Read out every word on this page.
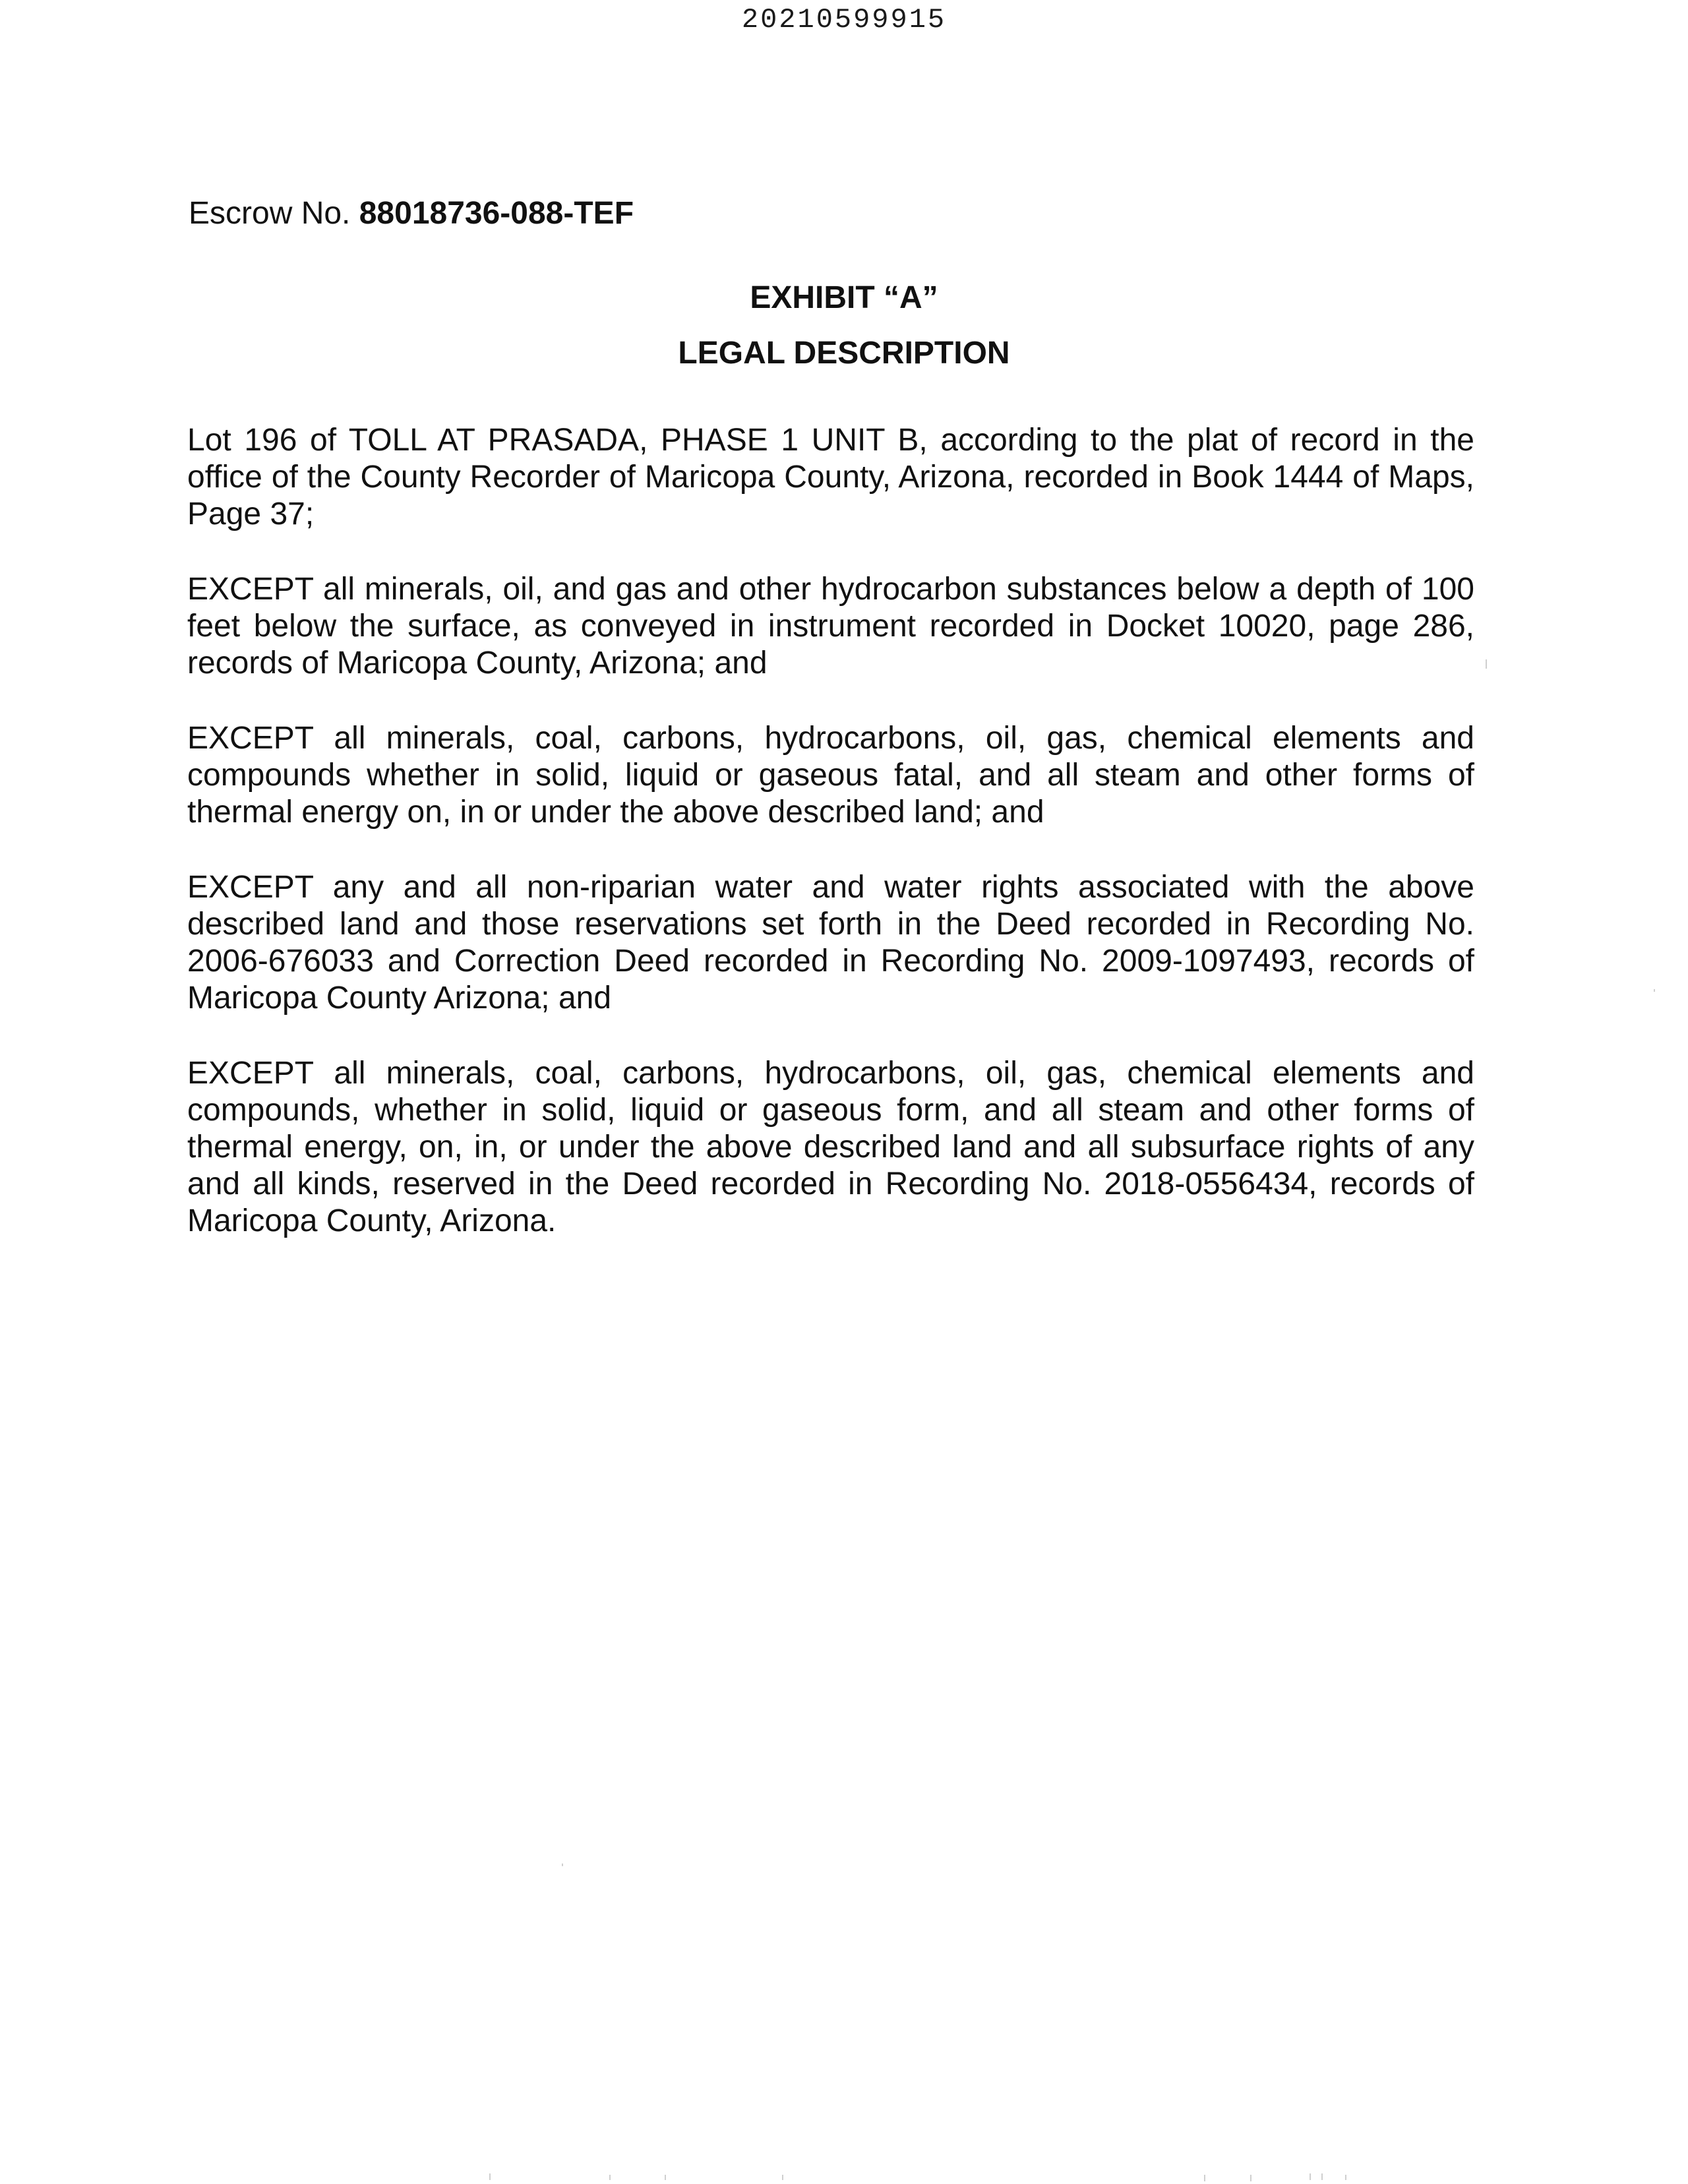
20210599915
Escrow No. 88018736-088-TEF
EXHIBIT “A”
LEGAL DESCRIPTION

Lot 196 of TOLL AT PRASADA, PHASE 1 UNIT B, according to the plat of record in the office of the County Recorder of Maricopa County, Arizona, recorded in Book 1444 of Maps, Page 37;

EXCEPT all minerals, oil, and gas and other hydrocarbon substances below a depth of 100 feet below the surface, as conveyed in instrument recorded in Docket 10020, page 286, records of Maricopa County, Arizona; and

EXCEPT all minerals, coal, carbons, hydrocarbons, oil, gas, chemical elements and compounds whether in solid, liquid or gaseous fatal, and all steam and other forms of thermal energy on, in or under the above described land; and

EXCEPT any and all non-riparian water and water rights associated with the above described land and those reservations set forth in the Deed recorded in Recording No. 2006-676033 and Correction Deed recorded in Recording No. 2009-1097493, records of Maricopa County Arizona; and

EXCEPT all minerals, coal, carbons, hydrocarbons, oil, gas, chemical elements and compounds, whether in solid, liquid or gaseous form, and all steam and other forms of thermal energy, on, in, or under the above described land and all subsurface rights of any and all kinds, reserved in the Deed recorded in Recording No. 2018-0556434, records of Maricopa County, Arizona.
